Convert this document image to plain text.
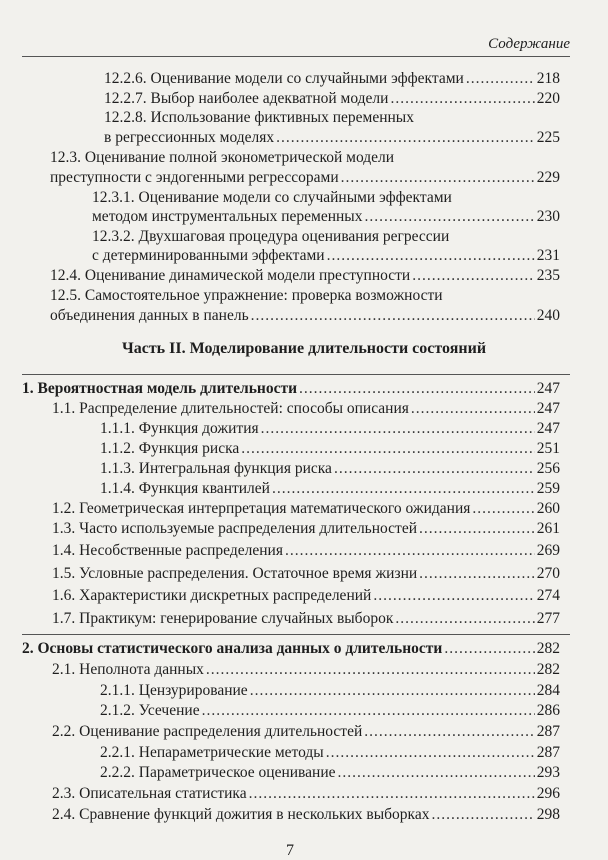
Содержание
12.2.6. Оценивание модели со случайными эффектами .....	218
12.2.7. Выбор наиболее адекватной модели .....	220
12.2.8. Использование фиктивных переменных
в регрессионных моделях .....	225
12.3. Оценивание полной эконометрической модели
преступности с эндогенными регрессорами .....	229
12.3.1. Оценивание модели со случайными эффектами
методом инструментальных переменных .....	230
12.3.2. Двухшаговая процедура оценивания регрессии
с детерминированными эффектами .....	231
12.4. Оценивание динамической модели преступности .....	235
12.5. Самостоятельное упражнение: проверка возможности
объединения данных в панель .....	240
Часть II. Моделирование длительности состояний
1. Вероятностная модель длительности .....	247
1.1. Распределение длительностей: способы описания .....	247
1.1.1. Функция дожития .....	247
1.1.2. Функция риска .....	251
1.1.3. Интегральная функция риска .....	256
1.1.4. Функция квантилей .....	259
1.2. Геометрическая интерпретация математического ожидания .....	260
1.3. Часто используемые распределения длительностей .....	261
1.4. Несобственные распределения .....	269
1.5. Условные распределения. Остаточное время жизни .....	270
1.6. Характеристики дискретных распределений .....	274
1.7. Практикум: генерирование случайных выборок .....	277
2. Основы статистического анализа данных о длительности .....	282
2.1. Неполнота данных .....	282
2.1.1. Цензурирование .....	284
2.1.2. Усечение .....	286
2.2. Оценивание распределения длительностей .....	287
2.2.1. Непараметрические методы .....	287
2.2.2. Параметрическое оценивание .....	293
2.3. Описательная статистика .....	296
2.4. Сравнение функций дожития в нескольких выборках .....	298
7
